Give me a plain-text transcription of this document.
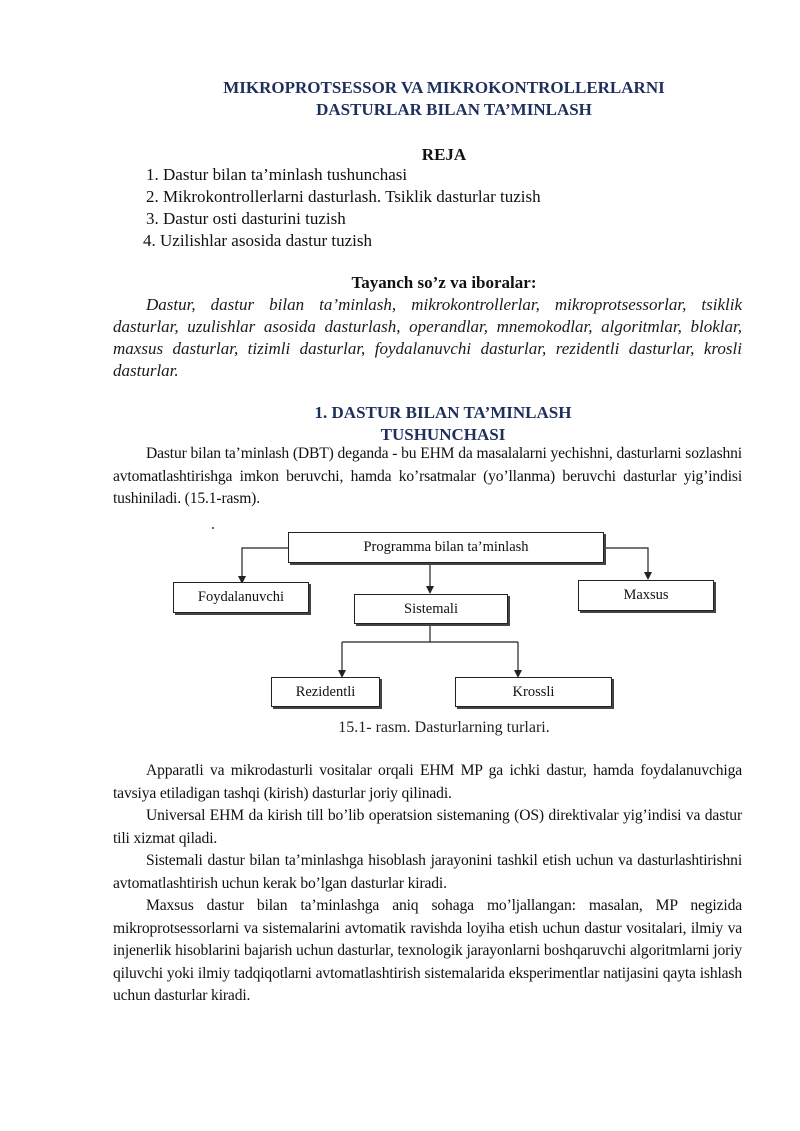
MIKROPROTSESSOR VA MIKROKONTROLLERLARNI
DASTURLAR BILAN TA’MINLASH
REJA
1. Dastur bilan ta’minlash tushunchasi
2. Mikrokontrollerlarni dasturlash. Tsiklik dasturlar tuzish
3. Dastur osti dasturini tuzish
4. Uzilishlar asosida dastur tuzish
Tayanch so’z va iboralar:
Dastur, dastur bilan ta’minlash, mikrokontrollerlar, mikroprotsessorlar, tsiklik dasturlar, uzulishlar asosida dasturlash, operandlar, mnemokodlar, algoritmlar, bloklar, maxsus dasturlar, tizimli dasturlar, foydalanuvchi dasturlar, rezidentli dasturlar, krosli dasturlar.
1. DASTUR BILAN TA’MINLASH
TUSHUNCHASI

Dastur bilan ta’minlash (DBT) deganda - bu EHM da masalalarni yechishni, dasturlarni sozlashni avtomatlashtirishga imkon beruvchi, hamda ko’rsatmalar (yo’llanma) beruvchi dasturlar yig’indisi tushiniladi. (15.1-rasm).

Programma bilan ta’minlash
Foydalanuvchi
Sistemali
Maxsus
Rezidentli	Krossli
15.1- rasm. Dasturlarning turlari.

Apparatli va mikrodasturli vositalar orqali EHM MP ga ichki dastur, hamda foydalanuvchiga tavsiya etiladigan tashqi (kirish) dasturlar joriy qilinadi.

Universal EHM da kirish till bo’lib operatsion sistemaning (OS) direktivalar yig’indisi va dastur tili xizmat qiladi.

Sistemali dastur bilan ta’minlashga hisoblash jarayonini tashkil etish uchun va dasturlashtirishni avtomatlashtirish uchun kerak bo’lgan dasturlar kiradi.

Maxsus dastur bilan ta’minlashga aniq sohaga mo’ljallangan: masalan, MP negizida mikroprotsessorlarni va sistemalarini avtomatik ravishda loyiha etish uchun dastur vositalari, ilmiy va injenerlik hisoblarini bajarish uchun dasturlar, texnologik jarayonlarni boshqaruvchi algoritmlarni joriy qiluvchi yoki ilmiy tadqiqotlarni avtomatlashtirish sistemalarida eksperimentlar natijasini qayta ishlash uchun dasturlar kiradi.
